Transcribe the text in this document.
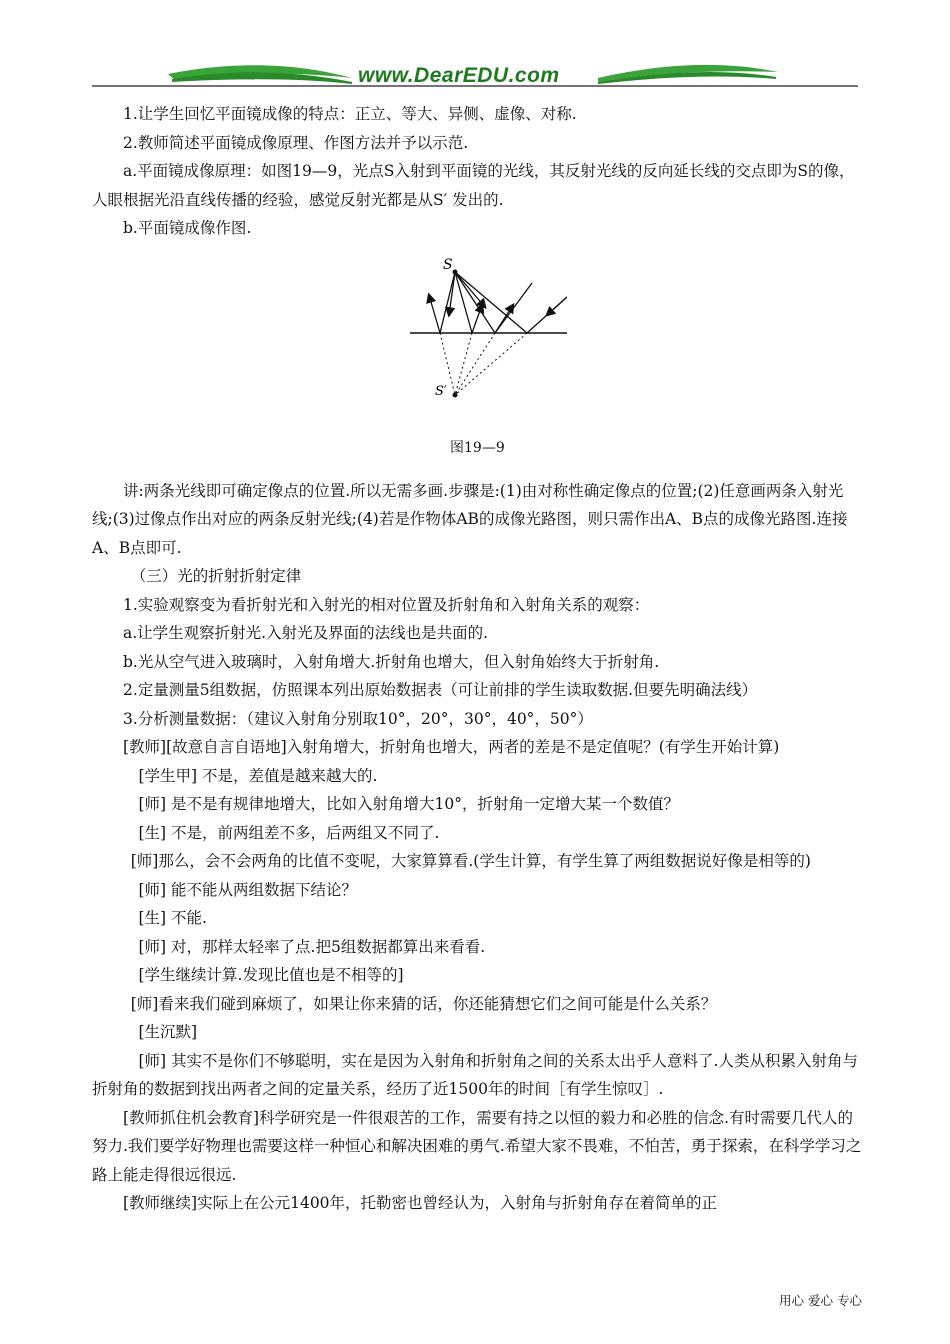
www.DearEDU.com

1.让学生回忆平面镜成像的特点：正立、等大、异侧、虚像、对称.

2.教师简述平面镜成像原理、作图方法并予以示范.

a.平面镜成像原理：如图19—9，光点S入射到平面镜的光线，其反射光线的反向延长线的交点即为S的像，人眼根据光沿直线传播的经验，感觉反射光都是从S′ 发出的.

b.平面镜成像作图.

S
S′
图19—9

讲:两条光线即可确定像点的位置.所以无需多画.步骤是:(1)由对称性确定像点的位置;(2)任意画两条入射光线;(3)过像点作出对应的两条反射光线;(4)若是作物体AB的成像光路图，则只需作出A、B点的成像光路图.连接A、B点即可.

（三）光的折射折射定律

1.实验观察变为看折射光和入射光的相对位置及折射角和入射角关系的观察：

a.让学生观察折射光.入射光及界面的法线也是共面的.

b.光从空气进入玻璃时，入射角增大.折射角也增大，但入射角始终大于折射角.

2.定量测量5组数据，仿照课本列出原始数据表（可让前排的学生读取数据.但要先明确法线）

3.分析测量数据：（建议入射角分别取10°，20°，30°，40°，50°）

[教师][故意自言自语地]入射角增大，折射角也增大，两者的差是不是定值呢？(有学生开始计算)

[学生甲] 不是，差值是越来越大的.

[师] 是不是有规律地增大，比如入射角增大10°，折射角一定增大某一个数值？

[生] 不是，前两组差不多，后两组又不同了.

[师]那么，会不会两角的比值不变呢，大家算算看.(学生计算，有学生算了两组数据说好像是相等的)

[师] 能不能从两组数据下结论？

[生] 不能.

[师] 对，那样太轻率了点.把5组数据都算出来看看.

[学生继续计算.发现比值也是不相等的]

[师]看来我们碰到麻烦了，如果让你来猜的话，你还能猜想它们之间可能是什么关系？

[生沉默]

[师] 其实不是你们不够聪明，实在是因为入射角和折射角之间的关系太出乎人意料了.人类从积累入射角与折射角的数据到找出两者之间的定量关系，经历了近1500年的时间［有学生惊叹］.

[教师抓住机会教育]科学研究是一件很艰苦的工作，需要有持之以恒的毅力和必胜的信念.有时需要几代人的努力.我们要学好物理也需要这样一种恒心和解决困难的勇气.希望大家不畏难，不怕苦，勇于探索，在科学学习之路上能走得很远很远.

[教师继续]实际上在公元1400年，托勒密也曾经认为，入射角与折射角存在着简单的正

用心 爱心 专心
